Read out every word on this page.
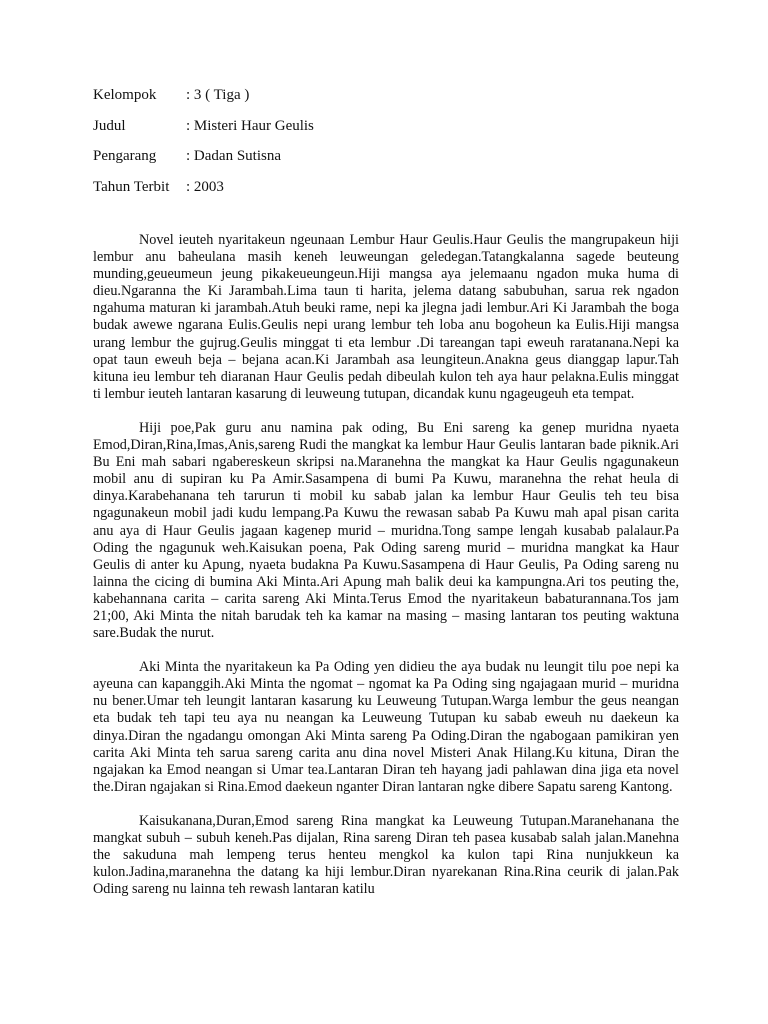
Kelompok	: 3 ( Tiga )
Judul	: Misteri Haur Geulis
Pengarang	: Dadan Sutisna
Tahun Terbit	: 2003

Novel ieuteh nyaritakeun ngeunaan Lembur Haur Geulis.Haur Geulis the mangrupakeun hiji lembur anu baheulana masih keneh leuweungan geledegan.Tatangkalanna sagede beuteung munding,geueumeun jeung pikakeueungeun.Hiji mangsa aya jelemaanu ngadon muka huma di dieu.Ngaranna the Ki Jarambah.Lima taun ti harita, jelema datang sabubuhan, sarua rek ngadon ngahuma maturan ki jarambah.Atuh beuki rame, nepi ka jlegna jadi lembur.Ari Ki Jarambah the boga budak awewe ngarana Eulis.Geulis nepi urang lembur teh loba anu bogoheun ka Eulis.Hiji mangsa urang lembur the gujrug.Geulis minggat ti eta lembur .Di tareangan tapi eweuh raratanana.Nepi ka opat taun eweuh beja – bejana acan.Ki Jarambah asa leungiteun.Anakna geus dianggap lapur.Tah kituna ieu lembur teh diaranan Haur Geulis pedah dibeulah kulon teh aya haur pelakna.Eulis minggat ti lembur ieuteh lantaran kasarung di leuweung tutupan, dicandak kunu ngageugeuh eta tempat.

Hiji poe,Pak guru anu namina pak oding, Bu Eni sareng ka genep muridna nyaeta Emod,Diran,Rina,Imas,Anis,sareng Rudi the mangkat ka lembur Haur Geulis lantaran bade piknik.Ari Bu Eni mah sabari ngabereskeun skripsi na.Maranehna the mangkat ka Haur Geulis ngagunakeun mobil anu di supiran ku Pa Amir.Sasampena di bumi Pa Kuwu, maranehna the rehat heula di dinya.Karabehanana teh tarurun ti mobil ku sabab jalan ka lembur Haur Geulis teh teu bisa ngagunakeun mobil jadi kudu lempang.Pa Kuwu the rewasan sabab Pa Kuwu mah apal pisan carita anu aya di Haur Geulis jagaan kagenep murid – muridna.Tong sampe lengah kusabab palalaur.Pa Oding the ngagunuk weh.Kaisukan poena, Pak Oding sareng murid – muridna mangkat ka Haur Geulis di anter ku Apung, nyaeta budakna Pa Kuwu.Sasampena di Haur Geulis, Pa Oding sareng nu lainna the cicing di bumina Aki Minta.Ari Apung mah balik deui ka kampungna.Ari tos peuting the, kabehannana carita – carita sareng Aki Minta.Terus Emod the nyaritakeun babaturannana.Tos jam 21;00, Aki Minta the nitah barudak teh ka kamar na masing – masing lantaran tos peuting waktuna sare.Budak the nurut.

Aki Minta the nyaritakeun ka Pa Oding yen didieu the aya budak nu leungit tilu poe nepi ka ayeuna can kapanggih.Aki Minta the ngomat – ngomat ka Pa Oding sing ngajagaan murid – muridna nu bener.Umar teh leungit lantaran kasarung ku Leuweung Tutupan.Warga lembur the geus neangan eta budak teh tapi teu aya nu neangan ka Leuweung Tutupan ku sabab eweuh nu daekeun ka dinya.Diran the ngadangu omongan Aki Minta sareng Pa Oding.Diran the ngabogaan pamikiran yen carita Aki Minta teh sarua sareng carita anu dina novel Misteri Anak Hilang.Ku kituna, Diran the ngajakan ka Emod neangan si Umar tea.Lantaran Diran teh hayang jadi pahlawan dina jiga eta novel the.Diran ngajakan si Rina.Emod daekeun nganter Diran lantaran ngke dibere Sapatu sareng Kantong.

Kaisukanana,Duran,Emod sareng Rina mangkat ka Leuweung Tutupan.Maranehanana the mangkat subuh – subuh keneh.Pas dijalan, Rina sareng Diran teh pasea kusabab salah jalan.Manehna the sakuduna mah lempeng terus henteu mengkol ka kulon tapi Rina nunjukkeun ka kulon.Jadina,maranehna the datang ka hiji lembur.Diran nyarekanan Rina.Rina ceurik di jalan.Pak Oding sareng nu lainna teh rewash lantaran katilu
